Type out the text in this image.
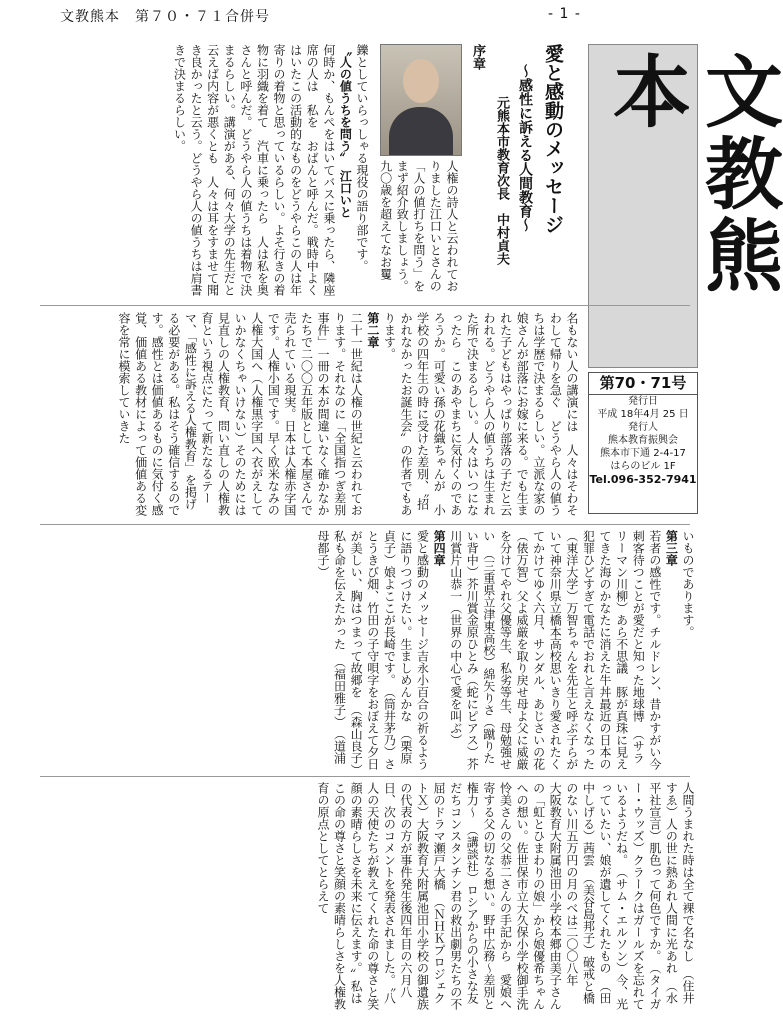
文教熊本　第７０・７１合併号	- 1 -
文教熊本
第70・71号
発行日
平成 18年4月 25 日
発行人
熊本教育振興会
熊本市下通 2-4-17
はらのビル 1F
Tel.096-352-7941
愛と感動のメッセージ
～感性に訴える人間教育～
元熊本市教育次長　中村貞夫
序章

人権の詩人と云われておりました江口いとさんの「人の値打ちを問う」をまず紹介致しましょう。九〇歳を超えてなお矍

鑠としていらっしゃる現役の語り部です。

〝人の値うちを問う〟　江口いと

何時か、もんぺをはいてバスに乗ったら、隣座席の人は　私を　おばんと呼んだ。戦時中よくはいたこの活動的なものをどうやらこの人は年寄りの着物と思っているらしい。よそ行きの着物に羽織を着て　汽車に乗ったら　人は私を奥さんと呼んだ。どうやら人の値うちは着物で決まるらしい。講演がある、何々大学の先生だと云えば内容が悪くとも　人々は耳をすませて聞き良かったと云う。どうやら人の値うちは肩書きで決まるらしい。

名もない人の講演には　人々はそわそわして帰りを急ぐ　どうやら人の値うちは学歴で決まるらしい。立派な家の娘さんが部落にお嫁に来る。でも生まれた子どもはやっぱり部落の子だと云われる。どうやら人の値うちは生まれた所で決まるらしい。人々はいつになったら　このあやまちに気付くのであろうか。可愛い孫の花織ちゃんが　小学校の四年生の時に受けた差別、〝招かれなかったお誕生会〟の作者でもあります。

第二章

二十一世紀は人権の世紀と云われております。それなのに「全国指つぎ差別事件」一冊の本が間違いなく確かなかたちで二〇〇五年版として本屋さんで売られている現実。日本は人権赤字国です。人権小国です。早く欧米なみの人権大国へ（人権黒字国へ衣がえしていかなくちゃいけない）そのためには　見直しの人権教育、問い直しの人権教育という視点にたって新たなるテーマ、「感性に訴える人権教育」を掲げる必要がある。私はそう確信するのです。感性とは価値あるものに気付く感覚、価値ある教材によって価値ある変容を常に模索していきた

いものであります。

第三章

若者の感性です。チルドレン、昔かすがい今刺客待つことが愛だと知った地球博　（サラリーマン川柳）あら不思議　豚が真珠に見えてきた海のかなたに消えた牛丼最近の日本の犯罪ひどすぎて電話でおれと言えなくなった　（東洋大学）万智ちゃんを先生と呼ぶ子らがいて神奈川県立橋本高校思いきり愛されたくてかけてゆく六月、サンダル、あじさいの花　（俵万智）父よ威厳を取り戻せ母よ父に威厳を分けてやれ父優等生、私劣等生、母勉強せい　（三重県立津東高校）綿矢りさ（蹴りたい背中）芥川賞金原ひとみ（蛇にピアス）芥川賞片山恭一（世界の中心で愛を叫ぶ）

第四章

愛と感動のメッセージ吉永小百合の祈るように語りつづけたい。生ましめんかな　（栗原貞子）娘よここが長崎です。　（筒井茅乃）さとうきび畑、竹田の子守唄字をおぼえて夕日が美しい、胸はつまって故郷を　（森山良子）私も命を伝えたかった　（福田雅子）　（道浦母都子）

人間うまれた時は全て裸で名なし　（住井すゑ）人の世に熱あれ人間に光あれ　（水平社宣言）肌色って何色ですか。　（タイガー・ウッズ）クラークはガールズを忘れているようだね。　（サム・エルソン）今、光っていたい、娘が遺してくれたもの　（田中しげる）茜雲　（美谷島邦子）破戒と橋のない川五万円の月のべは二〇〇八年

大阪教育大附属池田小学校本郷由美子さんの「虹とひまわりの娘」から娘優希ちゃんへの想い。佐世保市立大久保小学校御手洗怜美さんの父恭二さんの手記から　愛娘へ寄する父の切なる想い。野中広務～差別と権力～　（講談社）ロシアからの小さな友だちコンスタンチン君の救出劇男たちの不屈のドラマ瀬戸大橋　（ＮＨＫプロジェクトＸ）大阪教育大附属池田小学校の御遺族の代表の方が事件発生後四年目の六月八日、次のコメントを発表されました。〝八人の天使たちが教えてくれた命の尊さと笑顔の素晴らしさを未来に伝えます。〟私はこの命の尊さと笑顔の素晴らしさを人権教育の原点としてとらえて
